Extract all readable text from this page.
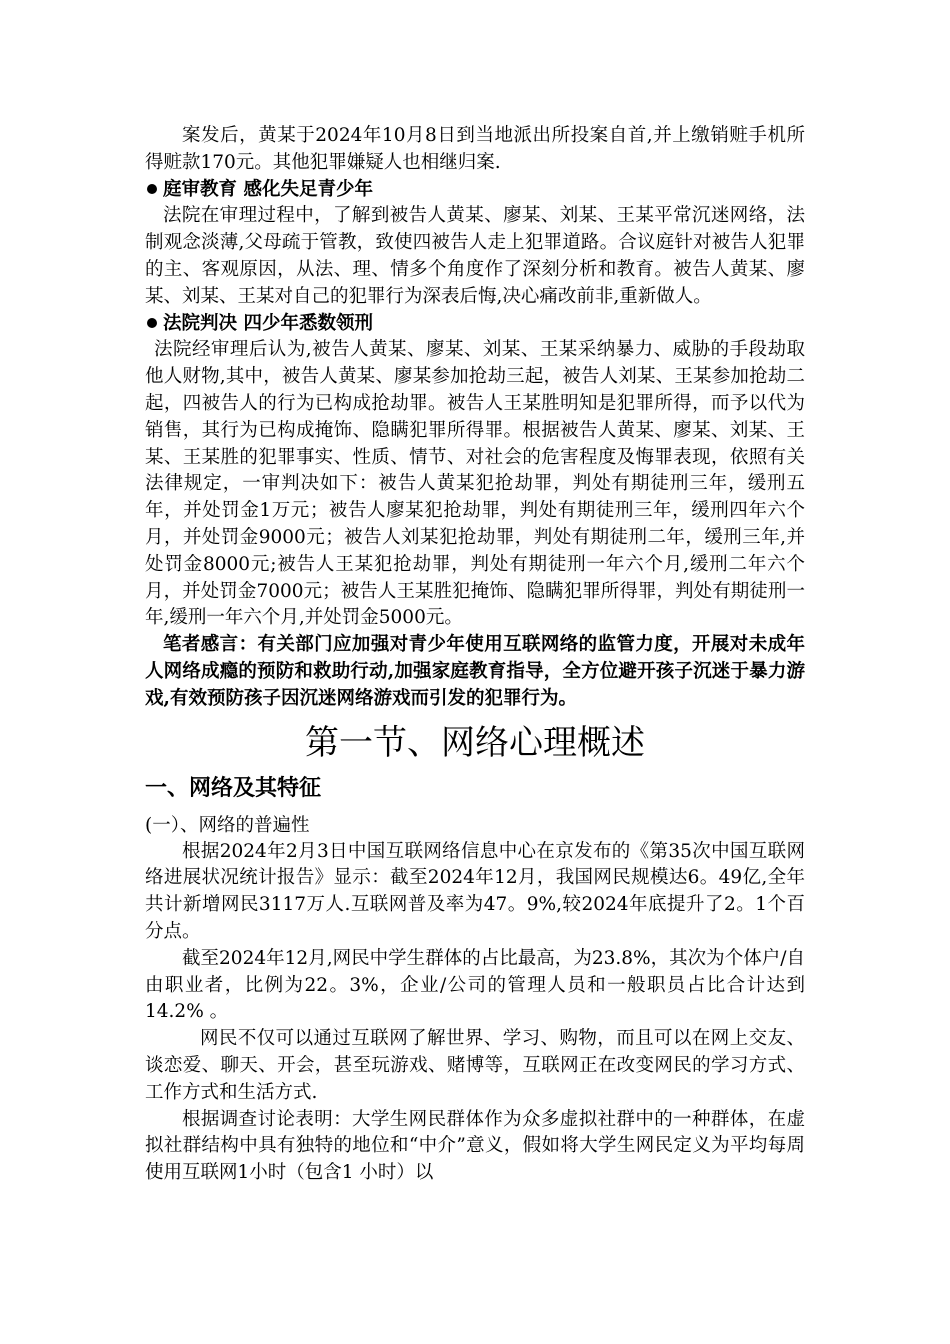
案发后，黄某于2024年10月8日到当地派出所投案自首,并上缴销赃手机所得赃款170元。其他犯罪嫌疑人也相继归案.

庭审教育 感化失足青少年

法院在审理过程中，了解到被告人黄某、廖某、刘某、王某平常沉迷网络，法制观念淡薄,父母疏于管教，致使四被告人走上犯罪道路。合议庭针对被告人犯罪的主、客观原因，从法、理、情多个角度作了深刻分析和教育。被告人黄某、廖某、刘某、王某对自己的犯罪行为深表后悔,决心痛改前非,重新做人。

法院判决 四少年悉数领刑

法院经审理后认为,被告人黄某、廖某、刘某、王某采纳暴力、威胁的手段劫取他人财物,其中，被告人黄某、廖某参加抢劫三起，被告人刘某、王某参加抢劫二起，四被告人的行为已构成抢劫罪。被告人王某胜明知是犯罪所得，而予以代为销售，其行为已构成掩饰、隐瞒犯罪所得罪。根据被告人黄某、廖某、刘某、王某、王某胜的犯罪事实、性质、情节、对社会的危害程度及悔罪表现，依照有关法律规定，一审判决如下：被告人黄某犯抢劫罪，判处有期徒刑三年，缓刑五年，并处罚金1万元；被告人廖某犯抢劫罪，判处有期徒刑三年，缓刑四年六个月，并处罚金9000元；被告人刘某犯抢劫罪，判处有期徒刑二年，缓刑三年,并处罚金8000元;被告人王某犯抢劫罪，判处有期徒刑一年六个月,缓刑二年六个月，并处罚金7000元；被告人王某胜犯掩饰、隐瞒犯罪所得罪，判处有期徒刑一年,缓刑一年六个月,并处罚金5000元。

笔者感言：有关部门应加强对青少年使用互联网络的监管力度，开展对未成年人网络成瘾的预防和救助行动,加强家庭教育指导，全方位避开孩子沉迷于暴力游戏,有效预防孩子因沉迷网络游戏而引发的犯罪行为。

第一节、网络心理概述
一、网络及其特征
(一）、网络的普遍性

根据2024年2月3日中国互联网络信息中心在京发布的《第35次中国互联网络进展状况统计报告》显示：截至2024年12月，我国网民规模达6。49亿,全年共计新增网民3117万人.互联网普及率为47。9%,较2024年底提升了2。1个百分点。

截至2024年12月,网民中学生群体的占比最高，为23.8%，其次为个体户/自由职业者，比例为22。3%，企业/公司的管理人员和一般职员占比合计达到14.2% 。

网民不仅可以通过互联网了解世界、学习、购物，而且可以在网上交友、谈恋爱、聊天、开会，甚至玩游戏、赌博等，互联网正在改变网民的学习方式、工作方式和生活方式.

根据调查讨论表明：大学生网民群体作为众多虚拟社群中的一种群体，在虚拟社群结构中具有独特的地位和“中介”意义，假如将大学生网民定义为平均每周使用互联网1小时（包含1 小时）以
